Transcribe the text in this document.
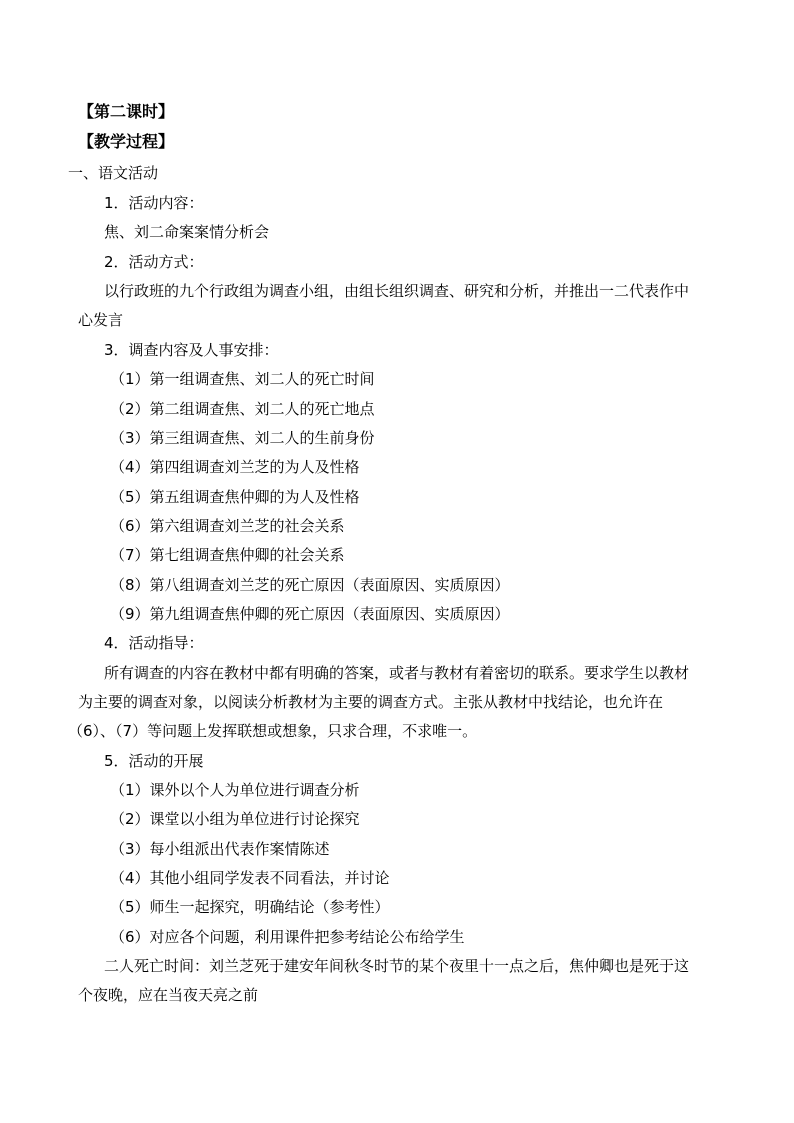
【第二课时】
【教学过程】
一、语文活动
1．活动内容：
焦、刘二命案案情分析会
2．活动方式：
以行政班的九个行政组为调查小组，由组长组织调查、研究和分析，并推出一二代表作中
心发言
3．调查内容及人事安排：
（1）第一组调查焦、刘二人的死亡时间
（2）第二组调查焦、刘二人的死亡地点
（3）第三组调查焦、刘二人的生前身份
（4）第四组调查刘兰芝的为人及性格
（5）第五组调查焦仲卿的为人及性格
（6）第六组调查刘兰芝的社会关系
（7）第七组调查焦仲卿的社会关系
（8）第八组调查刘兰芝的死亡原因（表面原因、实质原因）
（9）第九组调查焦仲卿的死亡原因（表面原因、实质原因）
4．活动指导：
所有调查的内容在教材中都有明确的答案，或者与教材有着密切的联系。要求学生以教材
为主要的调查对象，以阅读分析教材为主要的调查方式。主张从教材中找结论，也允许在
（6）、（7）等问题上发挥联想或想象，只求合理，不求唯一。
5．活动的开展
（1）课外以个人为单位进行调查分析
（2）课堂以小组为单位进行讨论探究
（3）每小组派出代表作案情陈述
（4）其他小组同学发表不同看法，并讨论
（5）师生一起探究，明确结论（参考性）
（6）对应各个问题，利用课件把参考结论公布给学生
二人死亡时间：刘兰芝死于建安年间秋冬时节的某个夜里十一点之后，焦仲卿也是死于这
个夜晚，应在当夜天亮之前
